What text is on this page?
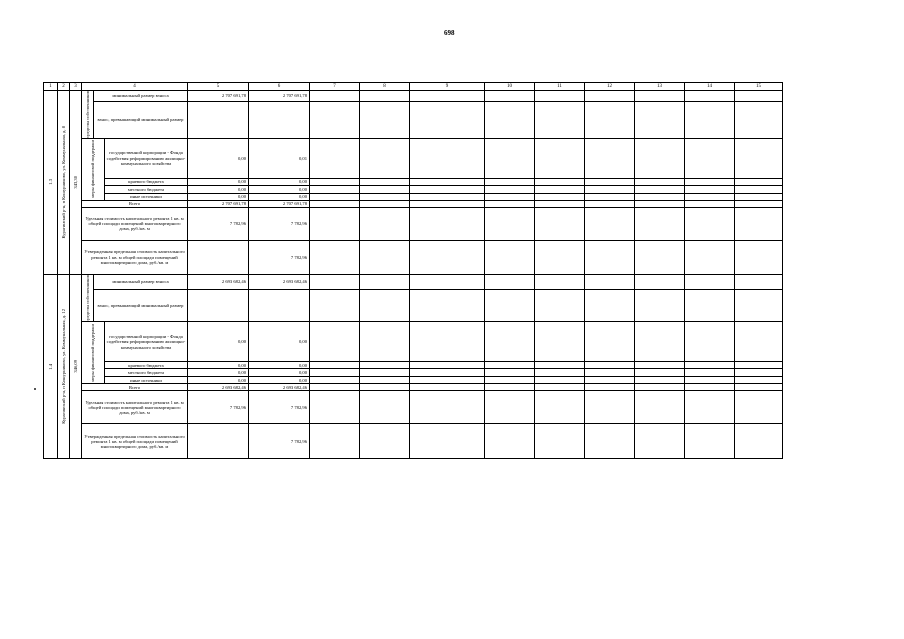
698
1	2	3	4			5	6	7	8	9	10	11	12	13	14	15

1.3	Курагинский р-н, п Кошурниково, ул. Коммунальная, д. 8	343,30	средства собственников	минимальный размер взноса		2 707 691,78	2 707 691,78									
				взнос, превышающий минимальный размер												

			меры финансовой поддержки		государственной корпорации - Фонда содействия реформированию жилищно-коммунального хозяйства	0,00	0,01									
					краевого бюджета	0,00	0,00									
					местного бюджета	0,00	0,00									
					иные источники	0,00	0,00									
			Всего			2 707 691,78	2 707 691,78									
			Удельная стоимость капитального ремонта 1 кв. м общей площади помещений многоквартирного дома, руб./кв. м			7 782,96	7 782,96									
			Утвержденная предельная стоимость капитального ремонта 1 кв. м общей площади помещений многоквартирного дома, руб./кв. м				7 782,96									

1.4	Курагинский р-н, п Кошурниково, ул. Коммунальная, д. 12	346,09	средства собственников	минимальный размер взноса		2 693 682,46	2 693 682,46									
				взнос, превышающий минимальный размер												

			меры финансовой поддержки		государственной корпорации - Фонда содействия реформированию жилищно-коммунального хозяйства	0,00	0,00									
					краевого бюджета	0,00	0,00									
					местного бюджета	0,00	0,00									
					иные источники	0,00	0,00									
			Всего			2 693 682,46	2 693 682,46									
			Удельная стоимость капитального ремонта 1 кв. м общей площади помещений многоквартирного дома, руб./кв. м			7 782,96	7 782,96									
			Утвержденная предельная стоимость капитального ремонта 1 кв. м общей площади помещений многоквартирного дома, руб./кв. м				7 782,96									
